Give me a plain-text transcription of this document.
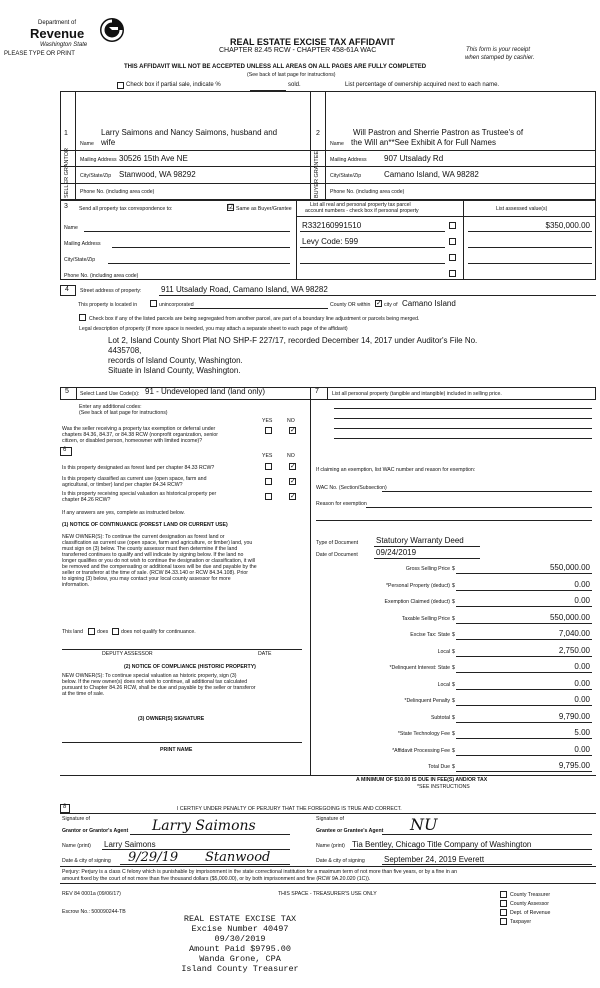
Department of
Revenue
Washington State
PLEASE TYPE OR PRINT
REAL ESTATE EXCISE TAX AFFIDAVIT
CHAPTER 82.45 RCW - CHAPTER 458-61A WAC	This form is your receipt
when stamped by cashier.
THIS AFFIDAVIT WILL NOT BE ACCEPTED UNLESS ALL AREAS ON ALL PAGES ARE FULLY COMPLETED
(See back of last page for instructions)
Check box if partial sale, indicate %	sold.	List percentage of ownership acquired next to each name.
1	2
SELLER GRANTOR	BUYER GRANTEE
Larry Saimons and Nancy Saimons, husband and
Name wife
Mailing Address 30526 15th Ave NE
City/State/Zip Stanwood, WA 98292
Phone No. (including area code)
Will Pastron and Sherrie Pastron as Trustee's of
Name the Will an**See Exhibit A for Full Names
Mailing Address 907 Utsalady Rd
City/State/Zip	Camano Island, WA 98282
Phone No. (including area code)
3 Send all property tax correspondence to:	☑ Same as Buyer/Grantee
List all real and personal property tax parcel
account numbers - check box if personal property	List assessed value(s)
Name
Mailing Address
City/State/Zip
Phone No. (including area code)
R332160991510
Levy Code: 599
$350,000.00
4 Street address of property: 911 Utsalady Road, Camano Island, WA 98282
This property is located in	unincorporated	County OR within ✓ city of Camano Island
Check box if any of the listed parcels are being segregated from another parcel, are part of a boundary line adjustment or parcels being merged.
Legal description of property (if more space is needed, you may attach a separate sheet to each page of the affidavit)
Lot 2, Island County Short Plat NO SHP-F 227/17, recorded December 14, 2017 under Auditor's File No.
4435708,
records of Island County, Washington.
Situate in Island County, Washington.
5 Select Land Use Code(s): 91 - Undeveloped land (land only)	7	List all personal property (tangible and intangible) included in selling price.
Enter any additional codes:
(See back of last page for instructions)
YES	NO
Was the seller receiving a property tax exemption or deferral under
chapters 84.36, 84.37, or 84.38 RCW (nonprofit organization, senior
citizen, or disabled person, homeowner with limited income)?
✓
6
YES	NO
Is this property designated as forest land per chapter 84.33 RCW?	✓
Is this property classified as current use (open space, farm and
agricultural, or timber) land per chapter 84.34 RCW?	✓
Is this property receiving special valuation as historical property per
chapter 84.26 RCW?	✓
If any answers are yes, complete as instructed below.
(1) NOTICE OF CONTINUANCE (FOREST LAND OR CURRENT USE)
NEW OWNER(S): To continue the current designation as forest land or
classification as current use (open space, farm and agriculture, or timber) land, you
must sign on (3) below. The county assessor must then determine if the land
transferred continues to qualify and will indicate by signing below. If the land no
longer qualifies or you do not wish to continue the designation or classification, it will
be removed and the compensating or additional taxes will be due and payable by the
seller or transferor at the time of sale. (RCW 84.33.140 or RCW 84.34.108). Prior
to signing (3) below, you may contact your local county assessor for more
information.
This land	does does not qualify for continuance.
DEPUTY ASSESSOR	DATE
(2) NOTICE OF COMPLIANCE (HISTORIC PROPERTY)
NEW OWNER(S): To continue special valuation as historic property, sign (3)
below. If the new owner(s) does not wish to continue, all additional tax calculated
pursuant to Chapter 84.26 RCW, shall be due and payable by the seller or transferor
at the time of sale.
(3) OWNER(S) SIGNATURE
PRINT NAME
If claiming an exemption, list WAC number and reason for exemption:
WAC No. (Section/Subsection)
Reason for exemption
Type of Document Statutory Warranty Deed
Date of Document 09/24/2019
Gross Selling Price $	550,000.00
*Personal Property (deduct) $	0.00
Exemption Claimed (deduct) $	0.00
Taxable Selling Price $	550,000.00
Excise Tax: State $	7,040.00
Local $	2,750.00
*Delinquent Interest: State $	0.00
Local $	0.00
*Delinquent Penalty $	0.00
Subtotal $	9,790.00
*State Technology Fee $	5.00
*Affidavit Processing Fee $	0.00
Total Due $	9,795.00
A MINIMUM OF $10.00 IS DUE IN FEE(S) AND/OR TAX
*SEE INSTRUCTIONS
8	I CERTIFY UNDER PENALTY OF PERJURY THAT THE FOREGOING IS TRUE AND CORRECT.
Signature of
Grantor or Grantor's Agent Larry Saimons
Name (print) Larry Saimons
Date & city of signing 9/29/19 Stanwood
Signature of
Grantee or Grantee's Agent NU
Name (print) Tia Bentley, Chicago Title Company of Washington
Date & city of signing September 24, 2019 Everett
Perjury: Perjury is a class C felony which is punishable by imprisonment in the state correctional institution for a maximum term of not more than five years, or by a fine in an
amount fixed by the court of not more than five thousand dollars ($5,000.00), or by both imprisonment and fine (RCW 9A.20.020 (1C)).
REV 84 0001a (09/06/17)	THIS SPACE - TREASURER'S USE ONLY
Escrow No.: 500090244-TB
County Treasurer
County Assessor
Dept. of Revenue
Taxpayer
REAL ESTATE EXCISE TAX
Excise Number 40497
09/30/2019
Amount Paid $9795.00
Wanda Grone, CPA
Island County Treasurer
